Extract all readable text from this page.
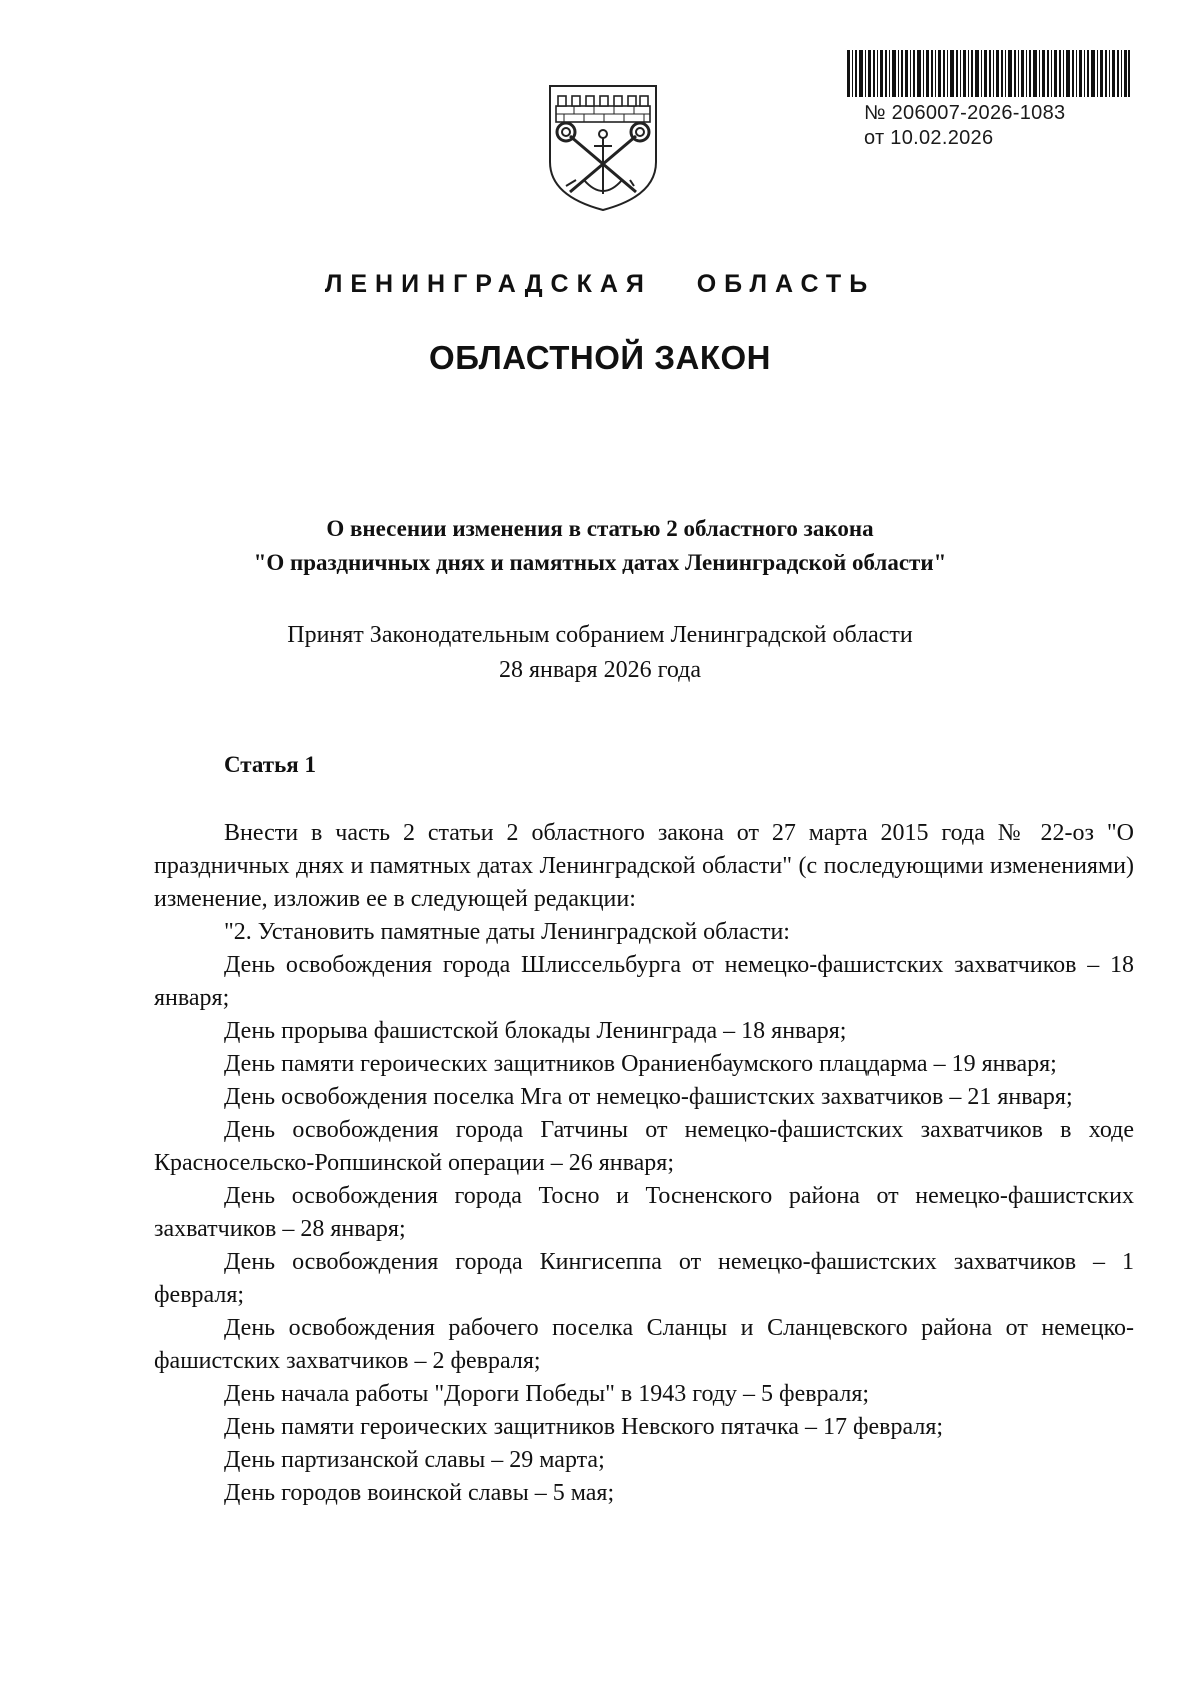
№ 206007-2026-1083
от 10.02.2026
ЛЕНИНГРАДСКАЯ   ОБЛАСТЬ
ОБЛАСТНОЙ ЗАКОН
О внесении изменения в статью 2 областного закона
"О праздничных днях и памятных датах Ленинградской области"
Принят Законодательным собранием Ленинградской области
28 января 2026 года
Статья 1

Внести в часть 2 статьи 2 областного закона от 27 марта 2015 года № 22-оз "О праздничных днях и памятных датах Ленинградской области" (с последующими изменениями) изменение, изложив ее в следующей редакции:

"2. Установить памятные даты Ленинградской области:

День освобождения города Шлиссельбурга от немецко-фашистских захватчиков – 18 января;

День прорыва фашистской блокады Ленинграда – 18 января;

День памяти героических защитников Ораниенбаумского плацдарма – 19 января;

День освобождения поселка Мга от немецко-фашистских захватчиков – 21 января;

День освобождения города Гатчины от немецко-фашистских захватчиков в ходе Красносельско-Ропшинской операции – 26 января;

День освобождения города Тосно и Тосненского района от немецко-фашистских захватчиков – 28 января;

День освобождения города Кингисеппа от немецко-фашистских захватчиков – 1 февраля;

День освобождения рабочего поселка Сланцы и Сланцевского района от немецко-фашистских захватчиков – 2 февраля;

День начала работы "Дороги Победы" в 1943 году – 5 февраля;

День памяти героических защитников Невского пятачка – 17 февраля;

День партизанской славы – 29 марта;

День городов воинской славы – 5 мая;
